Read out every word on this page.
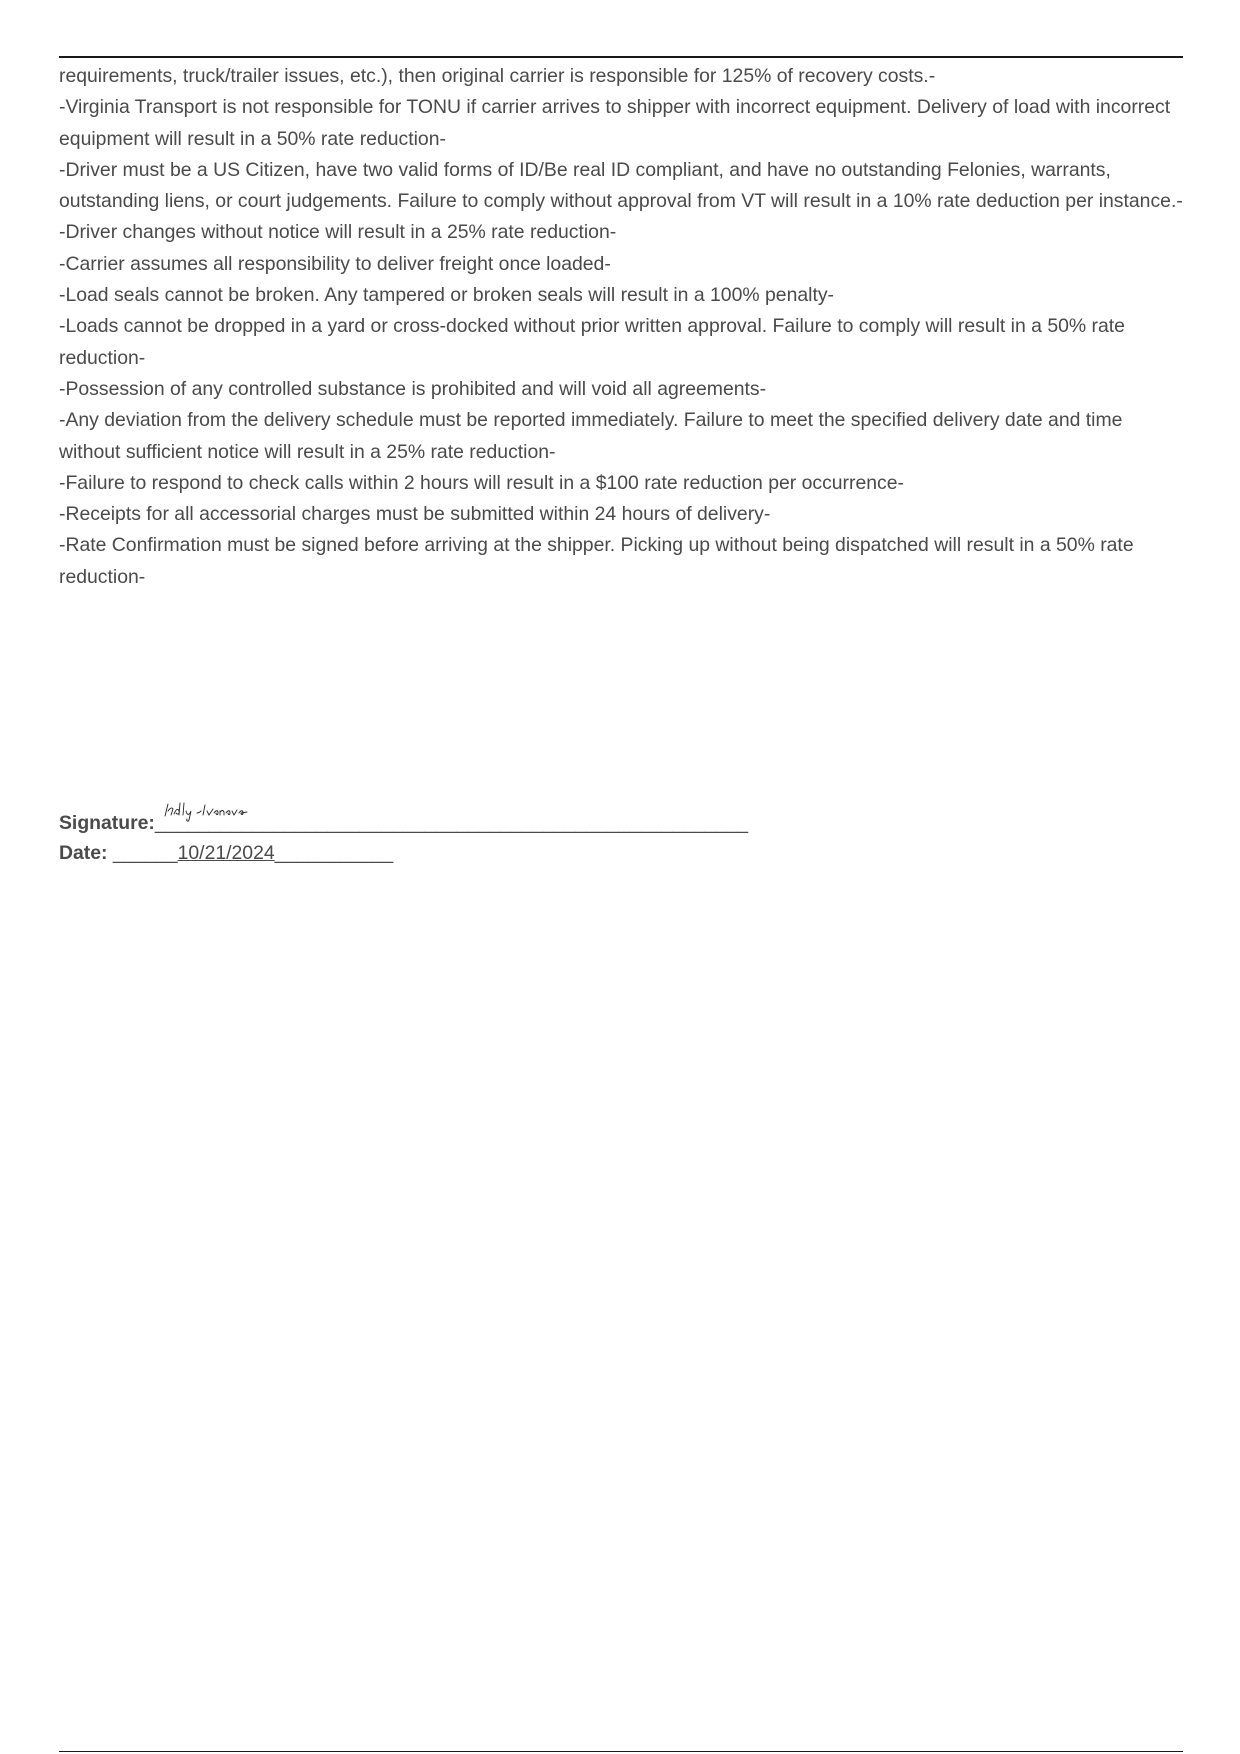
requirements, truck/trailer issues, etc.), then original carrier is responsible for 125% of recovery costs.-
-Virginia Transport is not responsible for TONU if carrier arrives to shipper with incorrect equipment. Delivery of load with incorrect equipment will result in a 50% rate reduction-
-Driver must be a US Citizen, have two valid forms of ID/Be real ID compliant, and have no outstanding Felonies, warrants, outstanding liens, or court judgements. Failure to comply without approval from VT will result in a 10% rate deduction per instance.-
-Driver changes without notice will result in a 25% rate reduction-
-Carrier assumes all responsibility to deliver freight once loaded-
-Load seals cannot be broken. Any tampered or broken seals will result in a 100% penalty-
-Loads cannot be dropped in a yard or cross-docked without prior written approval. Failure to comply will result in a 50% rate reduction-
-Possession of any controlled substance is prohibited and will void all agreements-
-Any deviation from the delivery schedule must be reported immediately. Failure to meet the specified delivery date and time without sufficient notice will result in a 25% rate reduction-
-Failure to respond to check calls within 2 hours will result in a $100 rate reduction per occurrence-
-Receipts for all accessorial charges must be submitted within 24 hours of delivery-
-Rate Confirmation must be signed before arriving at the shipper. Picking up without being dispatched will result in a 50% rate reduction-
Signature:
_______________________________________________________
Date: ______10/21/2024___________
